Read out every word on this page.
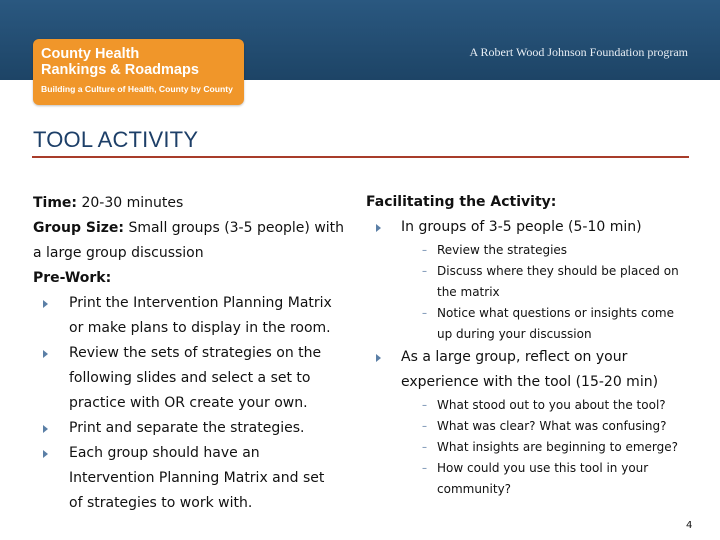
A Robert Wood Johnson Foundation program
County Health
Rankings & Roadmaps
Building a Culture of Health, County by County
TOOL ACTIVITY
Time: 20-30 minutes
Group Size: Small groups (3-5 people) with
a large group discussion
Pre-Work:
Print the Intervention Planning Matrix
or make plans to display in the room.
Review the sets of strategies on the
following slides and select a set to
practice with OR create your own.
Print and separate the strategies.
Each group should have an
Intervention Planning Matrix and set
of strategies to work with.
Facilitating the Activity:
In groups of 3-5 people (5-10 min)
– Review the strategies
– Discuss where they should be placed on
the matrix
– Notice what questions or insights come
up during your discussion
As a large group, reflect on your
experience with the tool (15-20 min)
– What stood out to you about the tool?
– What was clear? What was confusing?
– What insights are beginning to emerge?
– How could you use this tool in your
community?
4
